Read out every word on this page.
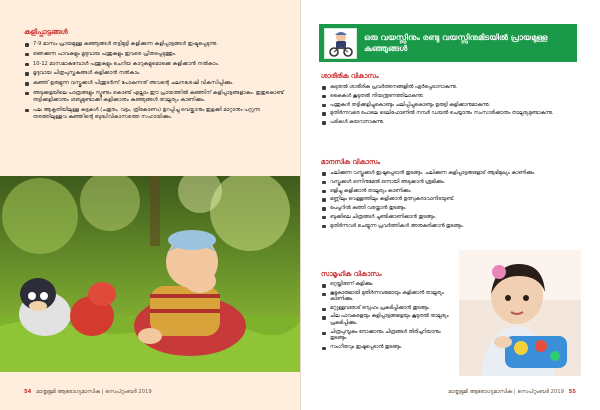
കളിപ്പാട്ടങ്ങൾ
7-9 മാസം പ്രായമുള്ള കുഞ്ഞുങ്ങൾ തട്ടിമുട്ടി കളിക്കുന്ന കളിപ്പാട്ടങ്ങൾ ഇഷ്ടപ്പെടുന്നു.
ഞെക്കുന്ന പാവകളും മൃദുവായ പന്തുകളും ഇവരെ പ്രീതപ്പെടുത്തും.
10-12 മാസമാകുമ്പോൾ പന്തുകളും ചെറിയ കാറുകളുമൊക്കെ കളിക്കാൻ നൽകാം.
മൃദുവായ ചിത്രപുസ്തകങ്ങൾ കളിക്കാൻ നൽകാം.
കുഞ്ഞ് ഉരുളുന്ന വസ്തുക്കൾ പിന്തുടർന്ന് പോകുന്നത് അവന്റെ ചലനശേഷി വികസിപ്പിക്കും.
അടുക്കളയിലെ പാത്രങ്ങളും സ്പൂണും കൊണ്ട് എല്ലാം ഈ പ്രായത്തിൽ കുഞ്ഞിന് കളിപ്പാട്ടങ്ങളാകും. ഇതുകൊണ്ട് തട്ടിക്കളിക്കാനും ശബ്ദമുണ്ടാക്കി കളിക്കാനും കുഞ്ഞുങ്ങൾ താല്പര്യം കാണിക്കും.
പല ആകൃതിയിലുള്ള കട്ടകൾ (ചതുരം, വട്ടം, ത്രികോണം) ഉറപ്പിച്ചു വെയ്ക്കാനും ഇളക്കി മാറ്റാനും പറ്റുന്ന തരത്തിലുള്ളവ കുഞ്ഞിന്റെ ബുദ്ധിവികാസത്തെ സഹായിക്കും.
54 മാതൃഭൂമി ആരോഗ്യമാസിക | സെപ്റ്റംബർ 2019
ഒരു വയസ്സിനും രണ്ടു വയസ്സിനുമിടയിൽ പ്രായമുള്ള കുഞ്ഞുങ്ങൾ
ശാരീരിക വികാസം
കുടുതൽ ശാരീരിക പ്രവർത്തനങ്ങളിൽ ഏർപ്പെടാനാകുന്നു.
കൈകൾ കൂടുതൽ നിയന്ത്രണത്തിലാകുന്നു.
പന്തുകൾ തട്ടിക്കളിച്ചുകൊണ്ടും ചലിപ്പിച്ചുകൊണ്ടും ഉരുട്ടി കളിക്കാനുമാകുന്നു.
മുതിർന്നവരെ പോലെ ടെലിഫോണിൽ നമ്പർ ഡയൽ ചെയ്യാനും സംസാരിക്കാനും താല്പര്യമുണ്ടാകുന്നു.
പടികൾ കയറാനാകുന്നു.
മാനസിക വികാസം
ചലിക്കുന്ന വസ്തുക്കൾ ഇഷ്ടപ്പെടാൻ തുടങ്ങും. ചലിക്കുന്ന കളിപ്പാട്ടങ്ങളോട് ആഭിമുഖ്യം കാണിക്കും.
വസ്തുക്കൾ ഒന്നിനുമേൽ ഒന്നായി അടുക്കാൻ ശ്രമിക്കും.
ഒളിച്ചു കളിക്കാൻ താല്പര്യം കാണിക്കും.
മണ്ണിലും വെള്ളത്തിലും കളിക്കാൻ ഉത്സുകരാവാനിടയുണ്ട്.
പേപ്പറിൽ കുത്തി വരയ്ക്കാൻ തുടങ്ങും.
ബുക്കിലെ ചിത്രങ്ങൾ ചൂണ്ടിക്കാണിക്കാൻ തുടങ്ങും.
മുതിർന്നവർ ചെയ്യുന്ന പ്രവർത്തികൾ അനുകരിക്കാൻ തുടങ്ങും.
സാമൂഹിക വികാസം
ഒറ്റയ്ക്കിരുന്ന് കളിക്കും.
കൂട്ടുകാരുമായി മുതിർന്നവരുമായും കളിക്കാൻ താല്പര്യം കാണിക്കും.
മറ്റുള്ളവരോട് സ്നേഹം പ്രകടിപ്പിക്കാൻ തുടങ്ങും.
ചില പാവകളെയും കളിപ്പാട്ടങ്ങളെയും കൂടുതൽ താല്പര്യം പ്രകടിപ്പിക്കും.
ചിത്രപുസ്തകം നോക്കാനും ചിത്രങ്ങൾ തിരിച്ചറിയാനും തുടങ്ങും.
സംഗീതവും ഇഷ്ടപ്പെടാൻ തുടങ്ങും.
മാതൃഭൂമി ആരോഗ്യമാസിക | സെപ്റ്റംബർ 2019 55
